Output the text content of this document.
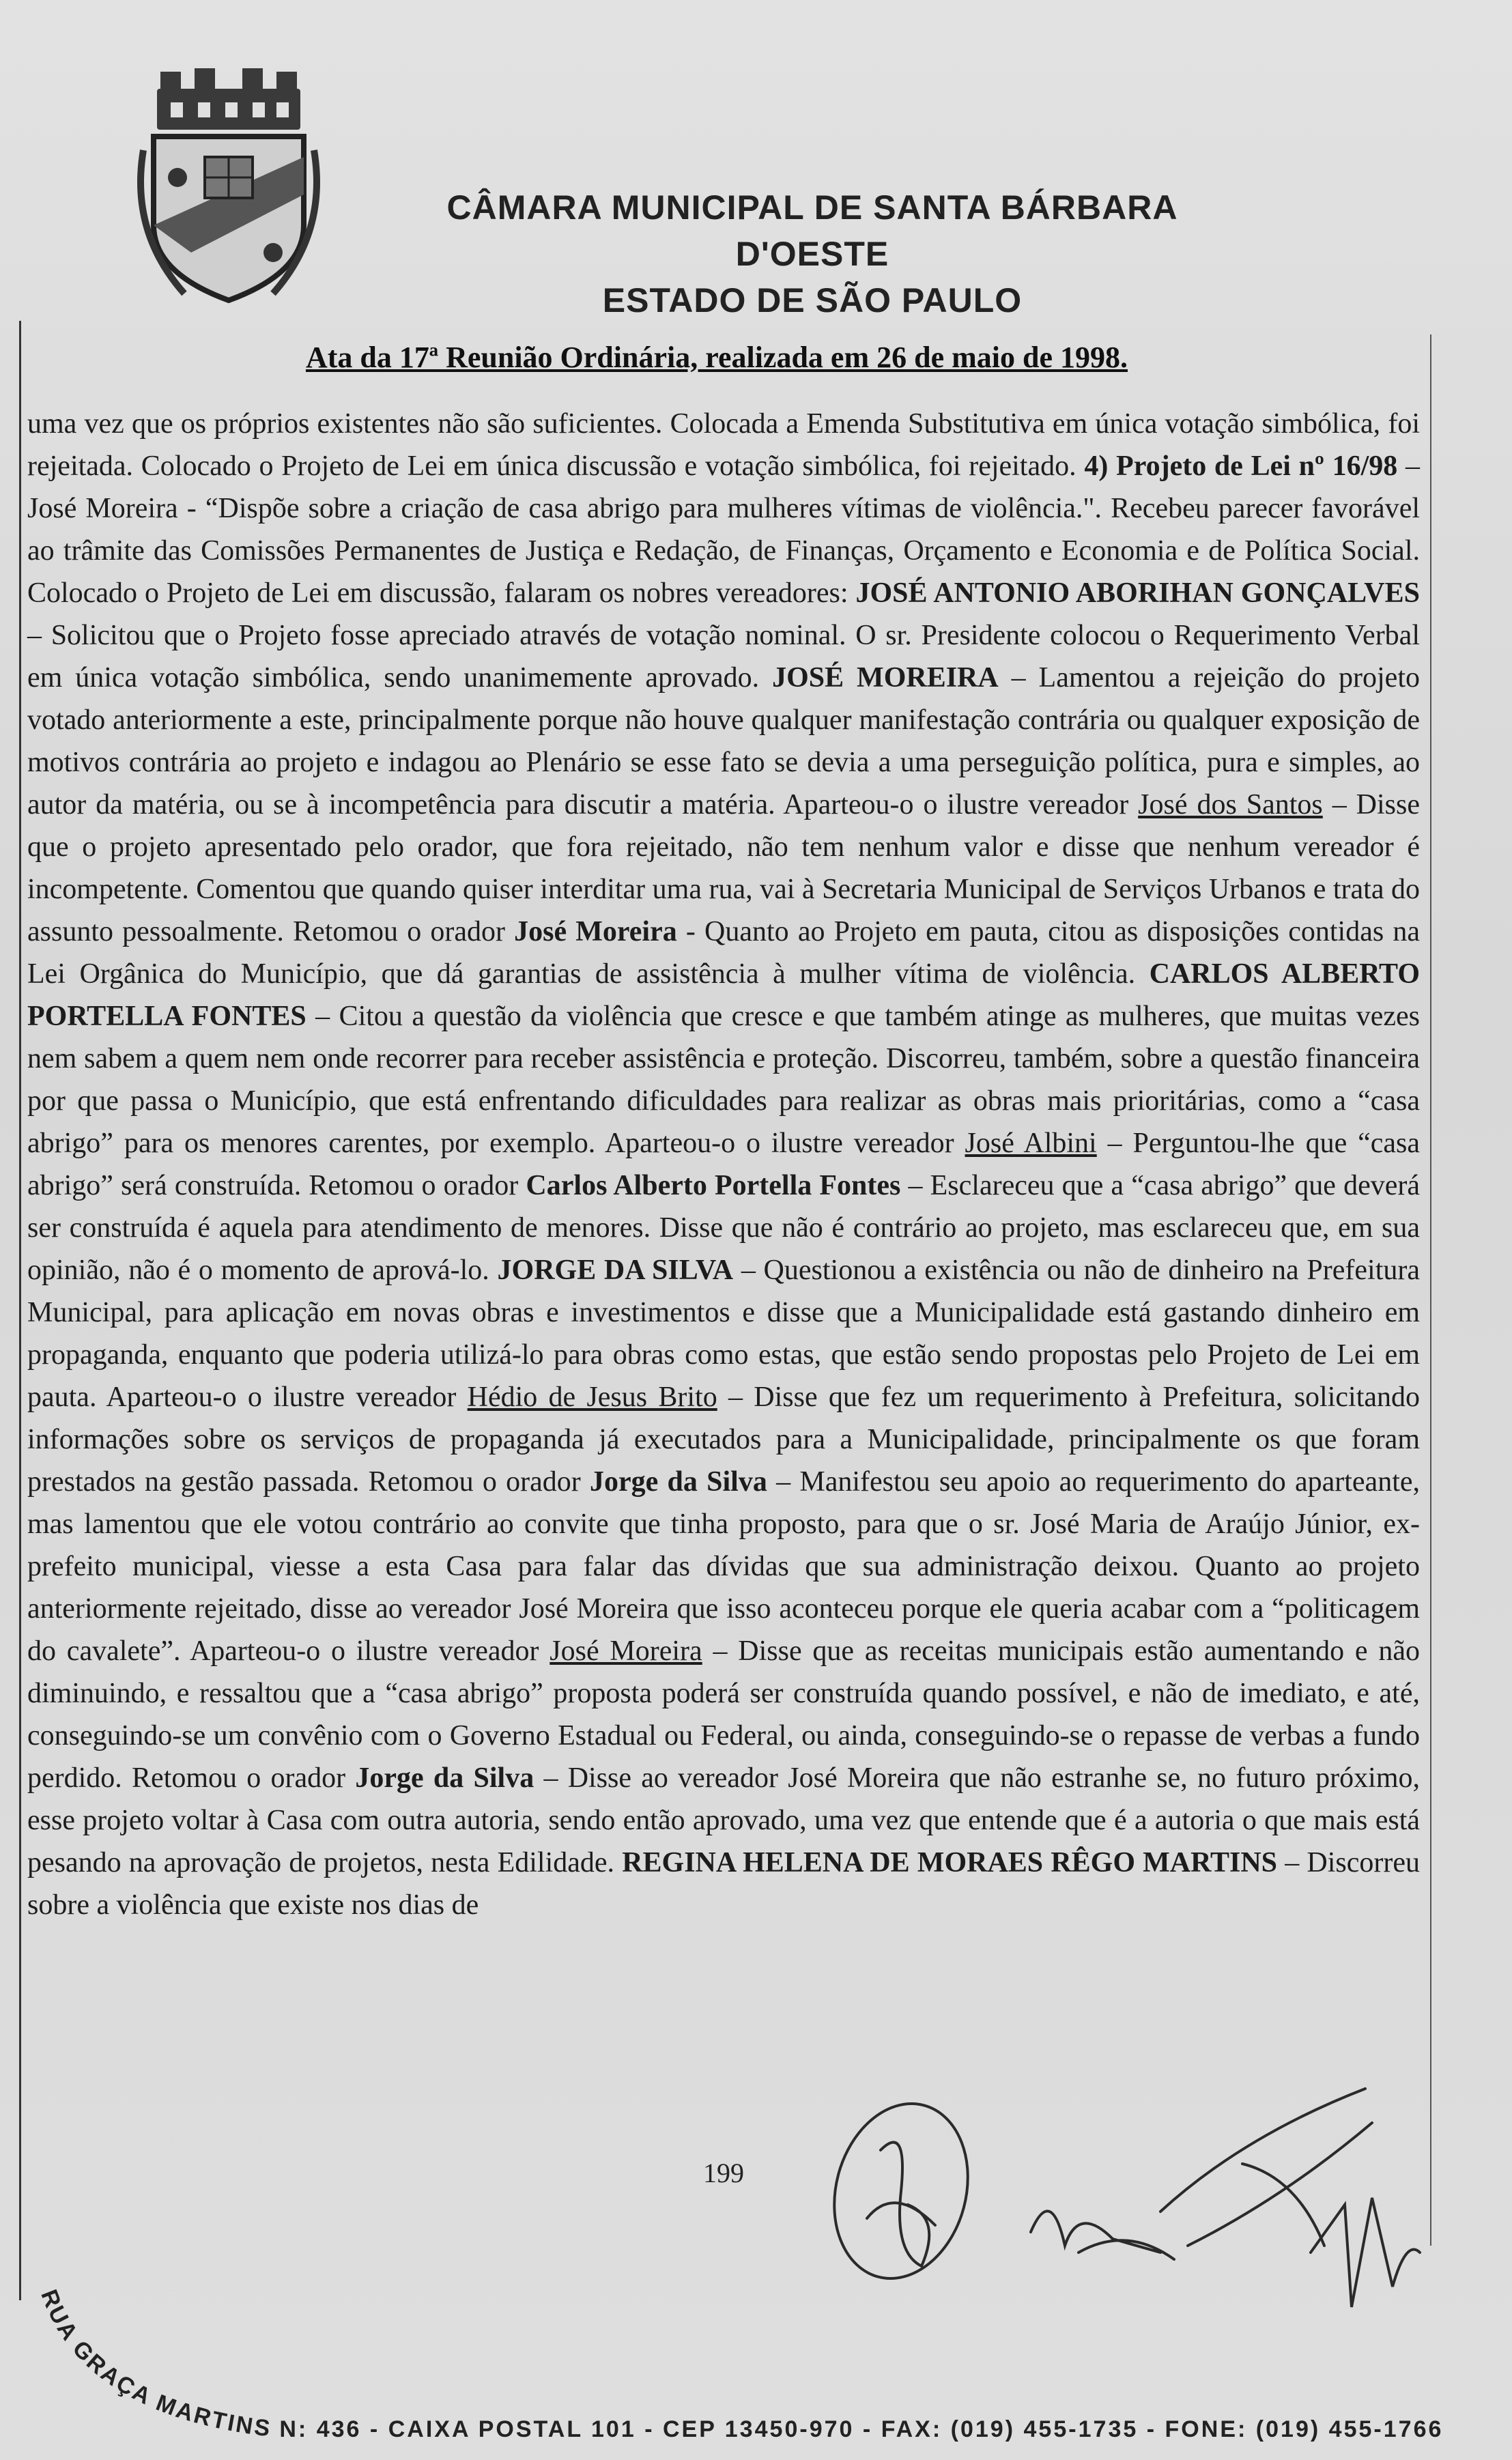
CÂMARA MUNICIPAL DE SANTA BÁRBARA D'OESTE
ESTADO DE SÃO PAULO
Ata da 17ª Reunião Ordinária, realizada em 26 de maio de 1998.

uma vez que os próprios existentes não são suficientes. Colocada a Emenda Substitutiva em única votação simbólica, foi rejeitada. Colocado o Projeto de Lei em única discussão e votação simbólica, foi rejeitado. 4) Projeto de Lei nº 16/98 – José Moreira - “Dispõe sobre a criação de casa abrigo para mulheres vítimas de violência.". Recebeu parecer favorável ao trâmite das Comissões Permanentes de Justiça e Redação, de Finanças, Orçamento e Economia e de Política Social. Colocado o Projeto de Lei em discussão, falaram os nobres vereadores: JOSÉ ANTONIO ABORIHAN GONÇALVES – Solicitou que o Projeto fosse apreciado através de votação nominal. O sr. Presidente colocou o Requerimento Verbal em única votação simbólica, sendo unanimemente aprovado. JOSÉ MOREIRA – Lamentou a rejeição do projeto votado anteriormente a este, principalmente porque não houve qualquer manifestação contrária ou qualquer exposição de motivos contrária ao projeto e indagou ao Plenário se esse fato se devia a uma perseguição política, pura e simples, ao autor da matéria, ou se à incompetência para discutir a matéria. Aparteou-o o ilustre vereador José dos Santos – Disse que o projeto apresentado pelo orador, que fora rejeitado, não tem nenhum valor e disse que nenhum vereador é incompetente. Comentou que quando quiser interditar uma rua, vai à Secretaria Municipal de Serviços Urbanos e trata do assunto pessoalmente. Retomou o orador José Moreira - Quanto ao Projeto em pauta, citou as disposições contidas na Lei Orgânica do Município, que dá garantias de assistência à mulher vítima de violência. CARLOS ALBERTO PORTELLA FONTES – Citou a questão da violência que cresce e que também atinge as mulheres, que muitas vezes nem sabem a quem nem onde recorrer para receber assistência e proteção. Discorreu, também, sobre a questão financeira por que passa o Município, que está enfrentando dificuldades para realizar as obras mais prioritárias, como a “casa abrigo” para os menores carentes, por exemplo. Aparteou-o o ilustre vereador José Albini – Perguntou-lhe que “casa abrigo” será construída. Retomou o orador Carlos Alberto Portella Fontes – Esclareceu que a “casa abrigo” que deverá ser construída é aquela para atendimento de menores. Disse que não é contrário ao projeto, mas esclareceu que, em sua opinião, não é o momento de aprová-lo. JORGE DA SILVA – Questionou a existência ou não de dinheiro na Prefeitura Municipal, para aplicação em novas obras e investimentos e disse que a Municipalidade está gastando dinheiro em propaganda, enquanto que poderia utilizá-lo para obras como estas, que estão sendo propostas pelo Projeto de Lei em pauta. Aparteou-o o ilustre vereador Hédio de Jesus Brito – Disse que fez um requerimento à Prefeitura, solicitando informações sobre os serviços de propaganda já executados para a Municipalidade, principalmente os que foram prestados na gestão passada. Retomou o orador Jorge da Silva – Manifestou seu apoio ao requerimento do aparteante, mas lamentou que ele votou contrário ao convite que tinha proposto, para que o sr. José Maria de Araújo Júnior, ex-prefeito municipal, viesse a esta Casa para falar das dívidas que sua administração deixou. Quanto ao projeto anteriormente rejeitado, disse ao vereador José Moreira que isso aconteceu porque ele queria acabar com a “politicagem do cavalete”. Aparteou-o o ilustre vereador José Moreira – Disse que as receitas municipais estão aumentando e não diminuindo, e ressaltou que a “casa abrigo” proposta poderá ser construída quando possível, e não de imediato, e até, conseguindo-se um convênio com o Governo Estadual ou Federal, ou ainda, conseguindo-se o repasse de verbas a fundo perdido. Retomou o orador Jorge da Silva – Disse ao vereador José Moreira que não estranhe se, no futuro próximo, esse projeto voltar à Casa com outra autoria, sendo então aprovado, uma vez que entende que é a autoria o que mais está pesando na aprovação de projetos, nesta Edilidade. REGINA HELENA DE MORAES RÊGO MARTINS – Discorreu sobre a violência que existe nos dias de

199
RUA GRAÇA MARTINS N: 436 - CAIXA POSTAL 101 - CEP 13450-970 - FAX: (019) 455-1735 - FONE: (019) 455-1766
